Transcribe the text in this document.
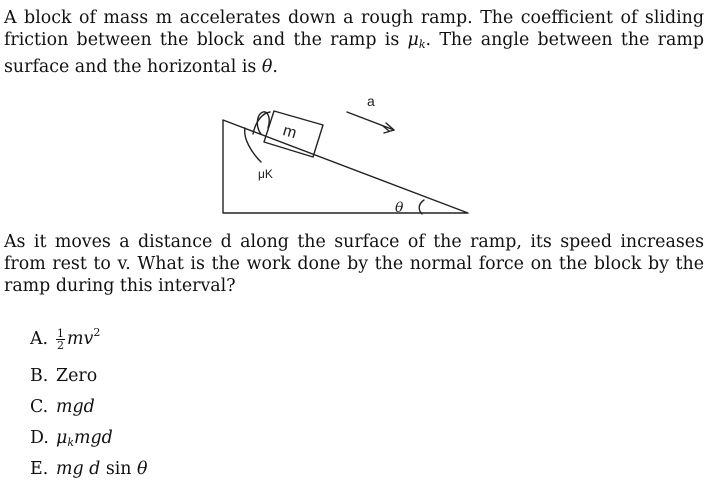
A block of mass m accelerates down a rough ramp. The coefficient of sliding friction between the block and the ramp is $\mu_k$. The angle between the ramp surface and the horizontal is θ.
a
m
μK
θ
As it moves a distance d along the surface of the ramp, its speed increases from rest to v. What is the work done by the normal force on the block by the ramp during this interval?
A. $\frac{1}{2} mv^2$
B. Zero
C. mgd
D. $\mu_kmgd$
E. mg d sin θ
